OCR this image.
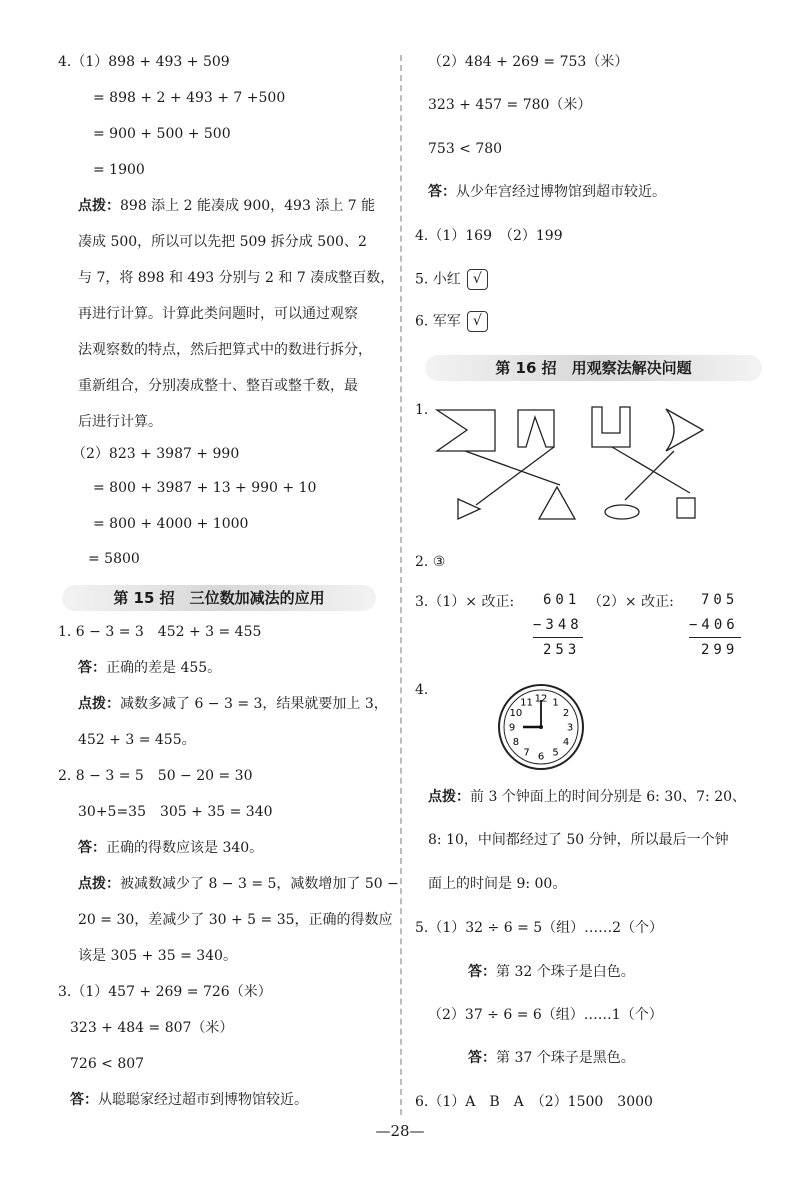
4.（1）898 + 493 + 509
= 898 + 2 + 493 + 7 +500
= 900 + 500 + 500
= 1900
点拨：898 添上 2 能凑成 900，493 添上 7 能
凑成 500，所以可以先把 509 拆分成 500、2
与 7，将 898 和 493 分别与 2 和 7 凑成整百数，
再进行计算。计算此类问题时，可以通过观察
法观察数的特点，然后把算式中的数进行拆分，
重新组合，分别凑成整十、整百或整千数，最
后进行计算。
（2）823 + 3987 + 990
= 800 + 3987 + 13 + 990 + 10
= 800 + 4000 + 1000
= 5800
第 15 招　三位数加减法的应用
1. 6 − 3 = 3　452 + 3 = 455
答：正确的差是 455。
点拨：减数多减了 6 − 3 = 3，结果就要加上 3，
452 + 3 = 455。
2. 8 − 3 = 5　50 − 20 = 30
30+5=35　305 + 35 = 340
答：正确的得数应该是 340。
点拨：被减数减少了 8 − 3 = 5，减数增加了 50 −
20 = 30，差减少了 30 + 5 = 35，正确的得数应
该是 305 + 35 = 340。
3.（1）457 + 269 = 726（米）
323 + 484 = 807（米）
726 < 807
答：从聪聪家经过超市到博物馆较近。
（2）484 + 269 = 753（米）
323 + 457 = 780（米）
753 < 780
答：从少年宫经过博物馆到超市较近。
4.（1）169　（2）199
5. 小红 √
6. 军军 √
第 16 招　用观察法解决问题
1.
2. ③
3.（1）× 改正: 601
−348
253
（2）× 改正: 705
−406
299
4.
12 1
2
3
4
5
6
7
8
9
10
11
点拨：前 3 个钟面上的时间分别是 6: 30、7: 20、
8: 10，中间都经过了 50 分钟，所以最后一个钟
面上的时间是 9: 00。
5.（1）32 ÷ 6 = 5（组）……2（个）
答：第 32 个珠子是白色。
（2）37 ÷ 6 = 6（组）……1（个）
答：第 37 个珠子是黑色。
6.（1）A　B　A　（2）1500　3000
—28—
